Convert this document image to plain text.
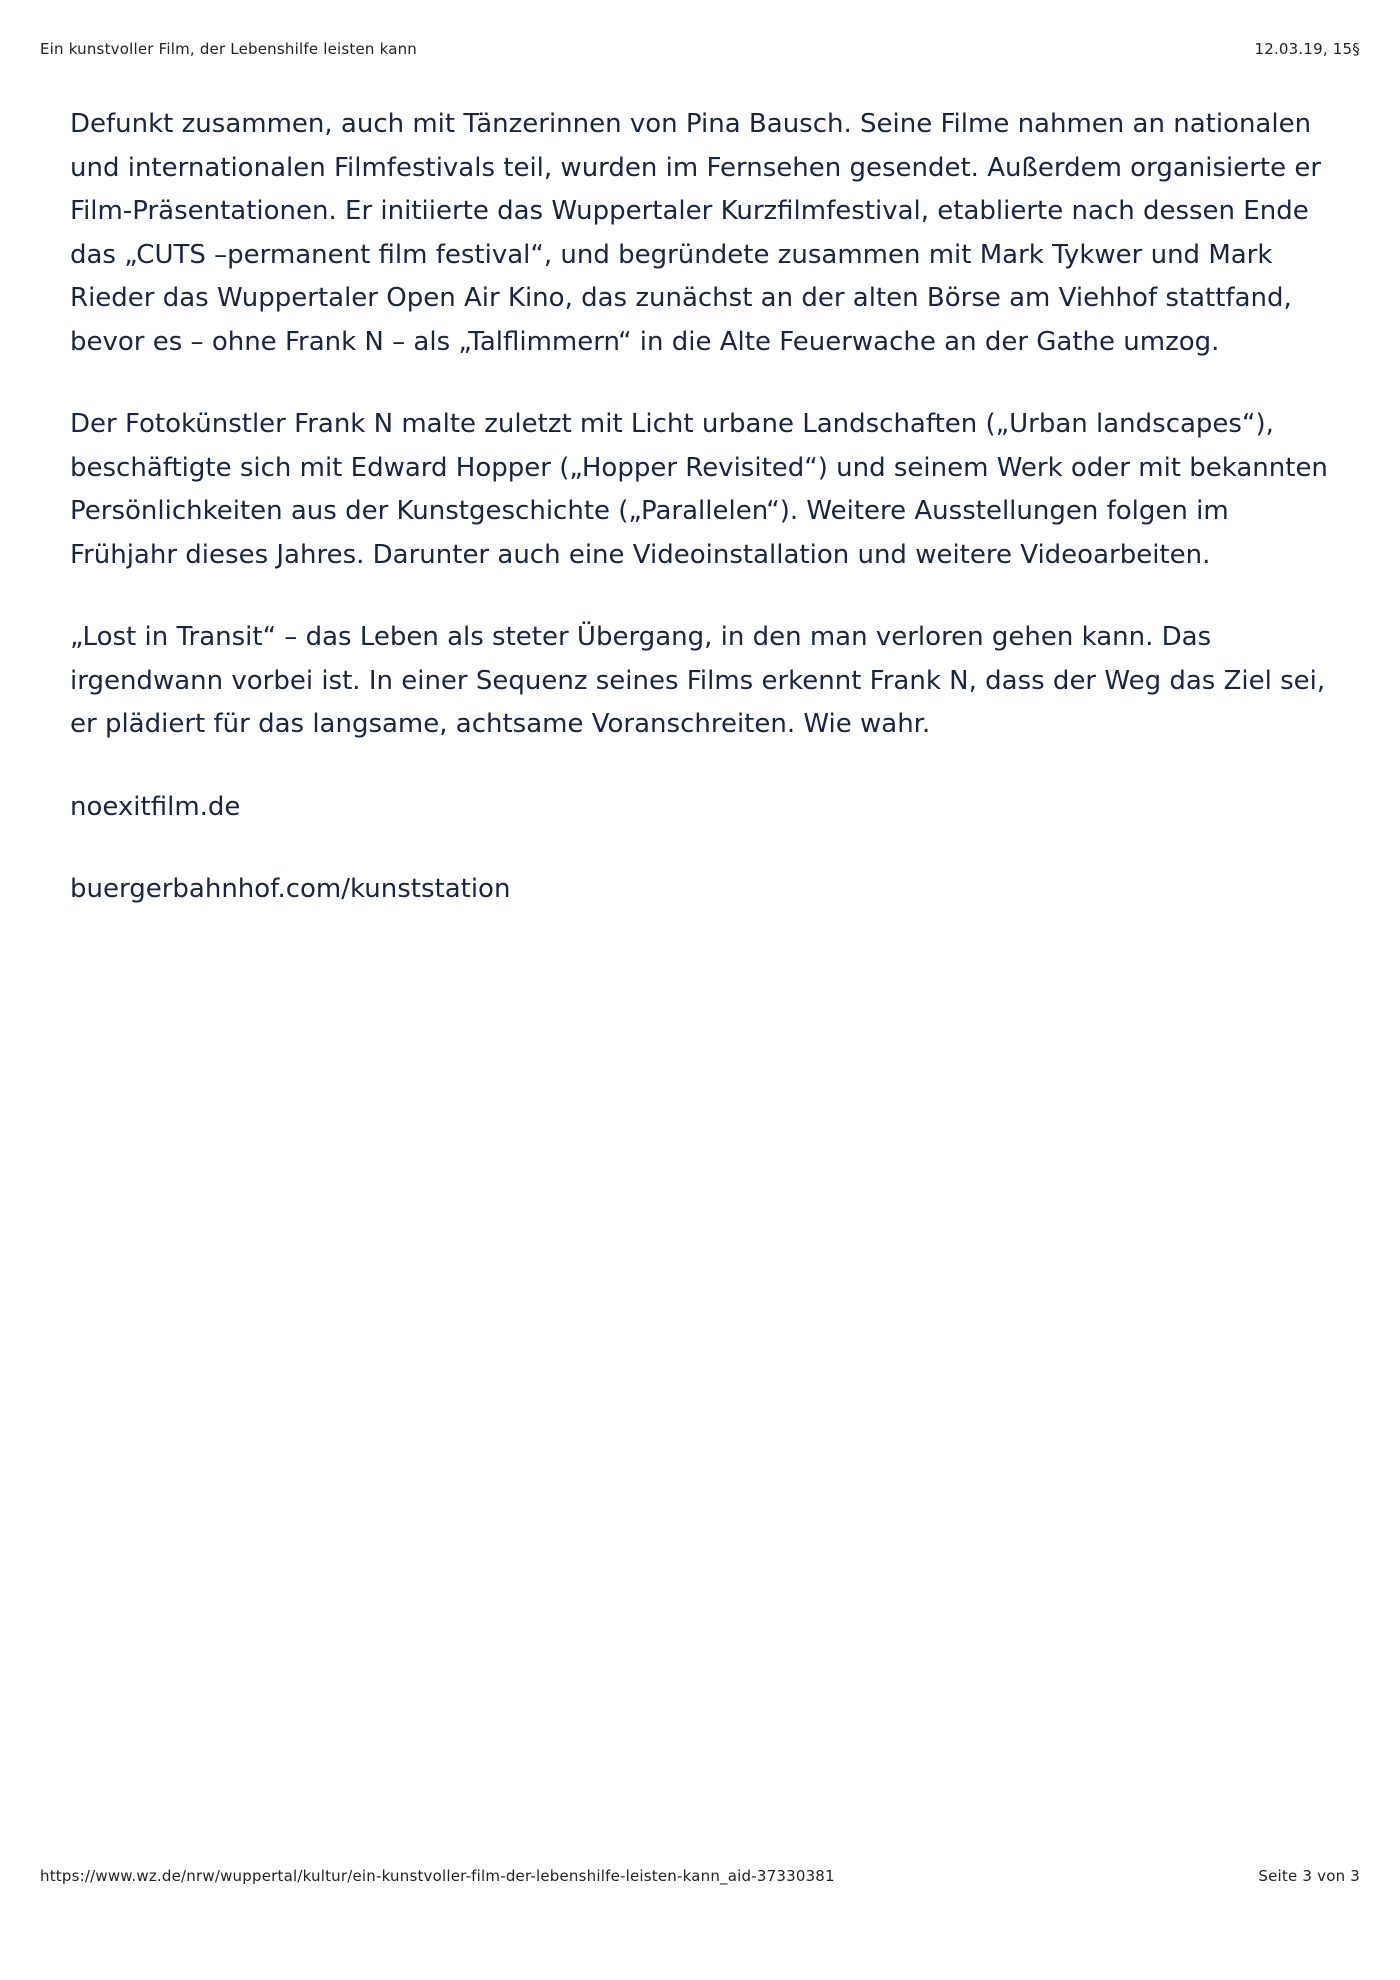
Ein kunstvoller Film, der Lebenshilfe leisten kann	12.03.19, 15§

Defunkt zusammen, auch mit Tänzerinnen von Pina Bausch. Seine Filme nahmen an nationalen und internationalen Filmfestivals teil, wurden im Fernsehen gesendet. Außerdem organisierte er Film-Präsentationen. Er initiierte das Wuppertaler Kurzfilmfestival, etablierte nach dessen Ende das „CUTS –permanent film festival“, und begründete zusammen mit Mark Tykwer und Mark Rieder das Wuppertaler Open Air Kino, das zunächst an der alten Börse am Viehhof stattfand, bevor es – ohne Frank N – als „Talflimmern“ in die Alte Feuerwache an der Gathe umzog.

Der Fotokünstler Frank N malte zuletzt mit Licht urbane Landschaften („Urban landscapes“), beschäftigte sich mit Edward Hopper („Hopper Revisited“) und seinem Werk oder mit bekannten Persönlichkeiten aus der Kunstgeschichte („Parallelen“). Weitere Ausstellungen folgen im Frühjahr dieses Jahres. Darunter auch eine Videoinstallation und weitere Videoarbeiten.

„Lost in Transit“ – das Leben als steter Übergang, in den man verloren gehen kann. Das irgendwann vorbei ist. In einer Sequenz seines Films erkennt Frank N, dass der Weg das Ziel sei, er plädiert für das langsame, achtsame Voranschreiten. Wie wahr.

noexitfilm.de

buergerbahnhof.com/kunststation

https://www.wz.de/nrw/wuppertal/kultur/ein-kunstvoller-film-der-lebenshilfe-leisten-kann_aid-37330381	Seite 3 von 3
